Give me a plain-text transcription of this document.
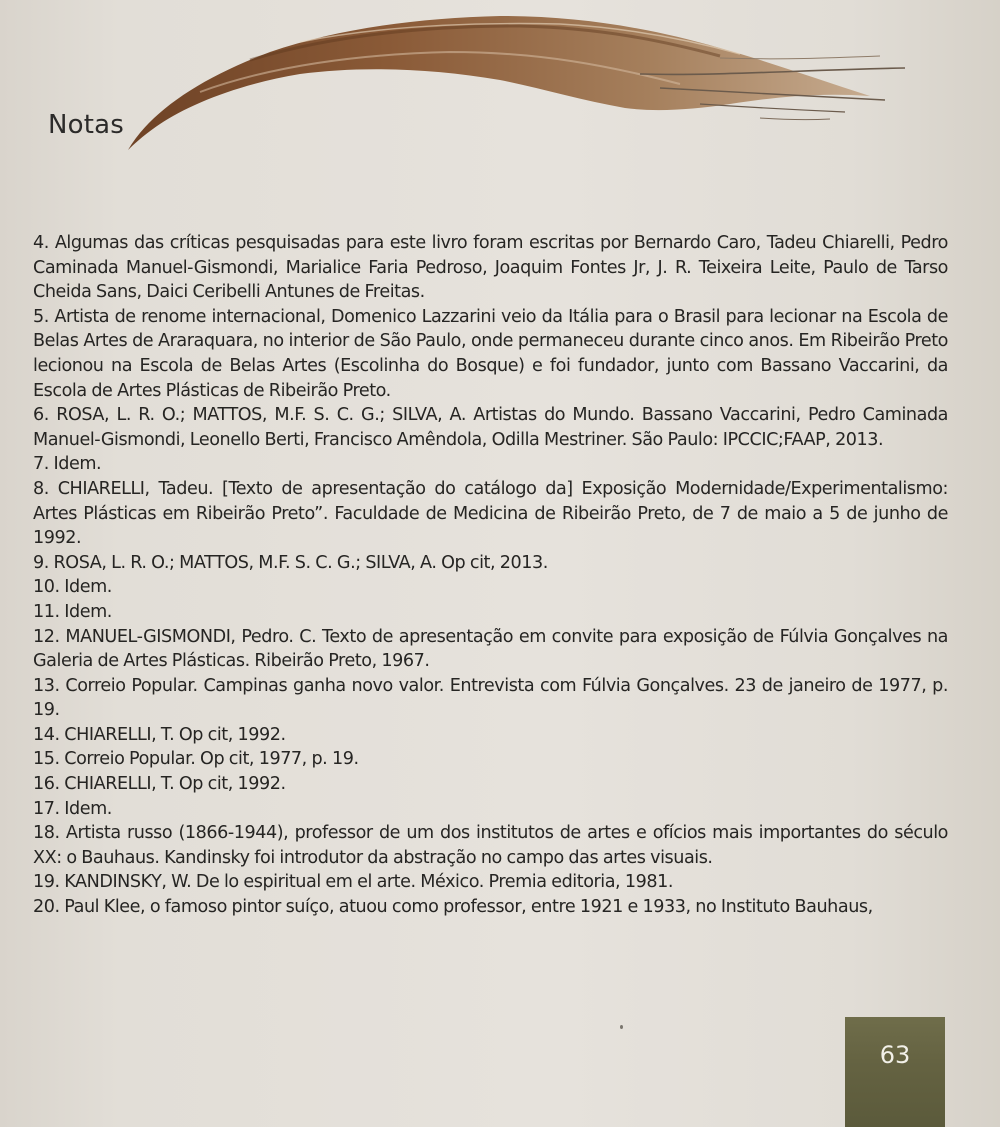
Notas

4. Algumas das críticas pesquisadas para este livro foram escritas por Bernardo Caro, Tadeu Chiarelli, Pedro Caminada Manuel-Gismondi, Marialice Faria Pedroso, Joaquim Fontes Jr, J. R. Teixeira Leite, Paulo de Tarso Cheida Sans, Daici Ceribelli Antunes de Freitas.

5. Artista de renome internacional, Domenico Lazzarini veio da Itália para o Brasil para lecionar na Escola de Belas Artes de Araraquara, no interior de São Paulo, onde permaneceu durante cinco anos. Em Ribeirão Preto lecionou na Escola de Belas Artes (Escolinha do Bosque) e foi fundador, junto com Bassano Vaccarini, da Escola de Artes Plásticas de Ribeirão Preto.

6. ROSA, L. R. O.; MATTOS, M.F. S. C. G.; SILVA, A. Artistas do Mundo. Bassano Vaccarini, Pedro Caminada Manuel-Gismondi, Leonello Berti, Francisco Amêndola, Odilla Mestriner. São Paulo: IPCCIC;FAAP, 2013.

7. Idem.

8. CHIARELLI, Tadeu. [Texto de apresentação do catálogo da] Exposição Modernidade/Experimentalismo: Artes Plásticas em Ribeirão Preto”. Faculdade de Medicina de Ribeirão Preto, de 7 de maio a 5 de junho de 1992.

9. ROSA, L. R. O.; MATTOS, M.F. S. C. G.; SILVA, A. Op cit, 2013.

10. Idem.

11. Idem.

12. MANUEL-GISMONDI, Pedro. C. Texto de apresentação em convite para exposição de Fúlvia Gonçalves na Galeria de Artes Plásticas. Ribeirão Preto, 1967.

13. Correio Popular. Campinas ganha novo valor. Entrevista com Fúlvia Gonçalves. 23 de janeiro de 1977, p. 19.

14. CHIARELLI, T. Op cit, 1992.

15. Correio Popular. Op cit, 1977, p. 19.

16. CHIARELLI, T. Op cit, 1992.

17. Idem.

18. Artista russo (1866-1944), professor de um dos institutos de artes e ofícios mais importantes do século XX: o Bauhaus. Kandinsky foi introdutor da abstração no campo das artes visuais.

19. KANDINSKY, W. De lo espiritual em el arte. México. Premia editoria, 1981.

20. Paul Klee, o famoso pintor suíço, atuou como professor, entre 1921 e 1933, no Instituto Bauhaus,

63
